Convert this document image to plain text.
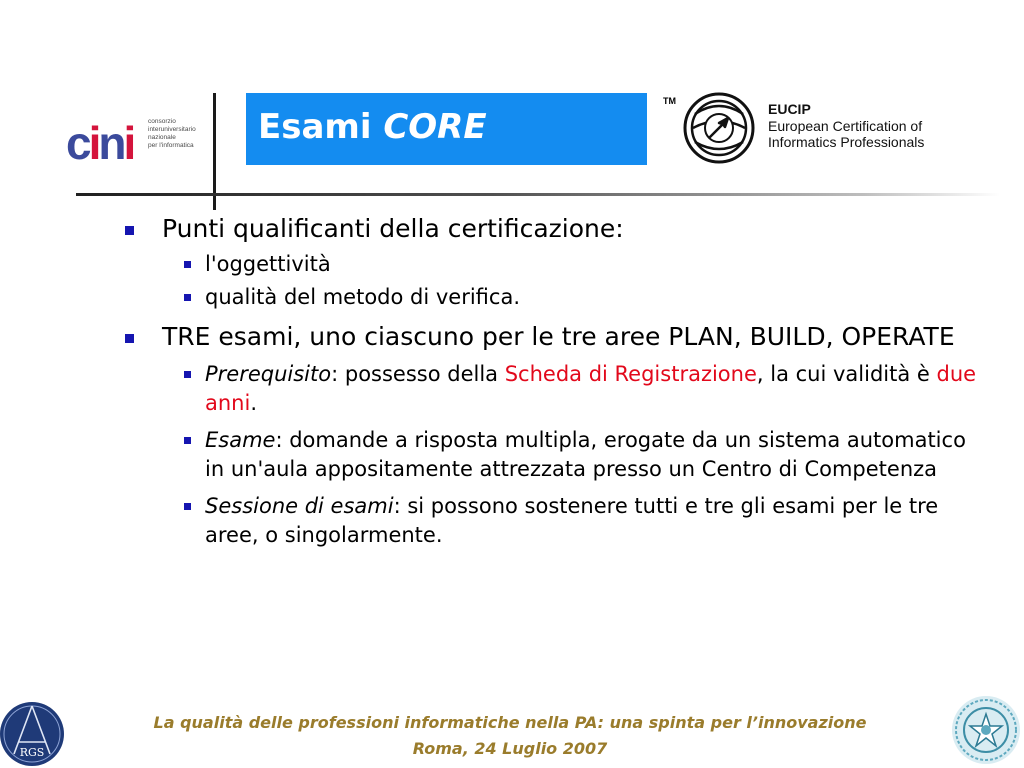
cini consorzio
interuniversitario
nazionale
per l'informatica	Esami CORE
TM	EUCIP
European Certification of
Informatics Professionals
Punti qualificanti della certificazione:
l'oggettività
qualità del metodo di verifica.
TRE esami, uno ciascuno per le tre aree PLAN, BUILD, OPERATE
Prerequisito: possesso della Scheda di Registrazione, la cui validità è due anni.
Esame: domande a risposta multipla, erogate da un sistema automatico in un'aula appositamente attrezzata presso un Centro di Competenza
Sessione di esami: si possono sostenere tutti e tre gli esami per le tre aree, o singolarmente.
RGS
La qualità delle professioni informatiche nella PA: una spinta per l’innovazione
Roma, 24 Luglio 2007
